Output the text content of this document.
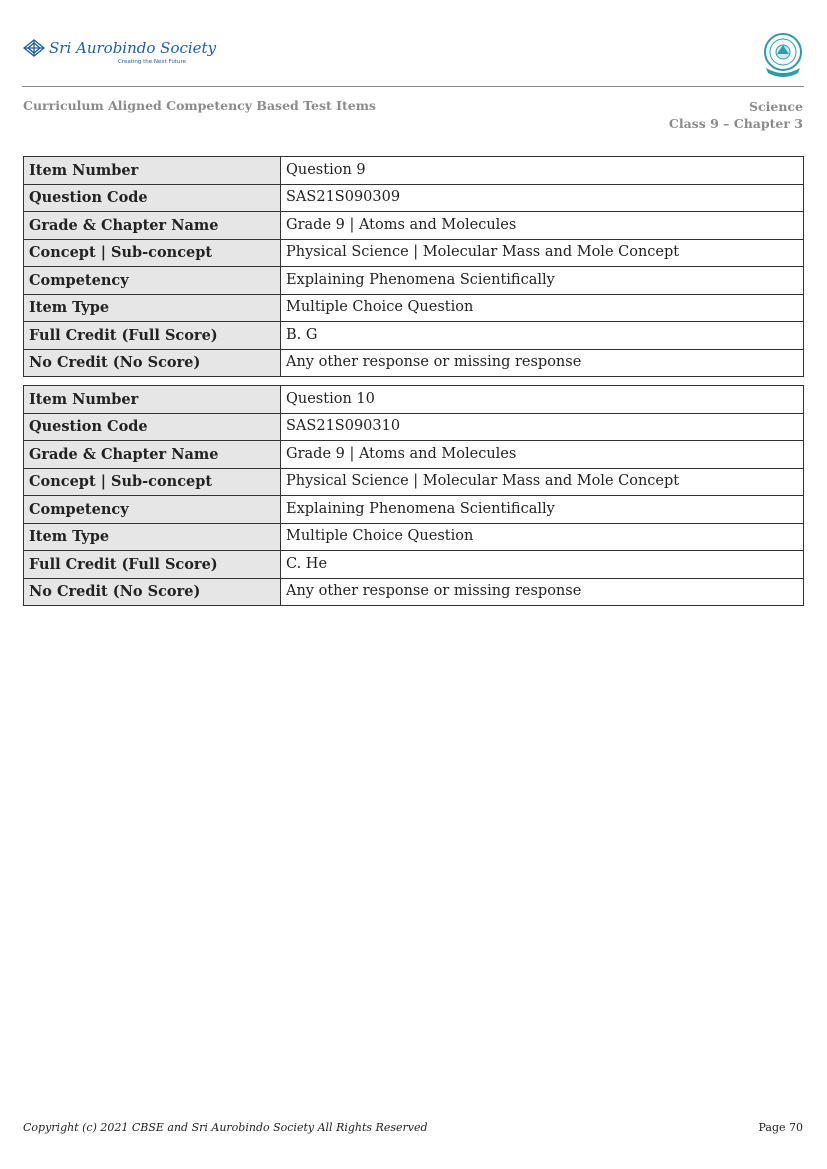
Sri Aurobindo Society
Creating the Next Future
Curriculum Aligned Competency Based Test Items	Science
Class 9 – Chapter 3
Item Number	Question 9
Question Code	SAS21S090309
Grade & Chapter Name	Grade 9 | Atoms and Molecules
Concept | Sub-concept	Physical Science | Molecular Mass and Mole Concept
Competency	Explaining Phenomena Scientifically
Item Type	Multiple Choice Question
Full Credit (Full Score)	B. G
No Credit (No Score)	Any other response or missing response
Item Number	Question 10
Question Code	SAS21S090310
Grade & Chapter Name	Grade 9 | Atoms and Molecules
Concept | Sub-concept	Physical Science | Molecular Mass and Mole Concept
Competency	Explaining Phenomena Scientifically
Item Type	Multiple Choice Question
Full Credit (Full Score)	C. He
No Credit (No Score)	Any other response or missing response
Copyright (c) 2021 CBSE and Sri Aurobindo Society All Rights Reserved	Page 70
